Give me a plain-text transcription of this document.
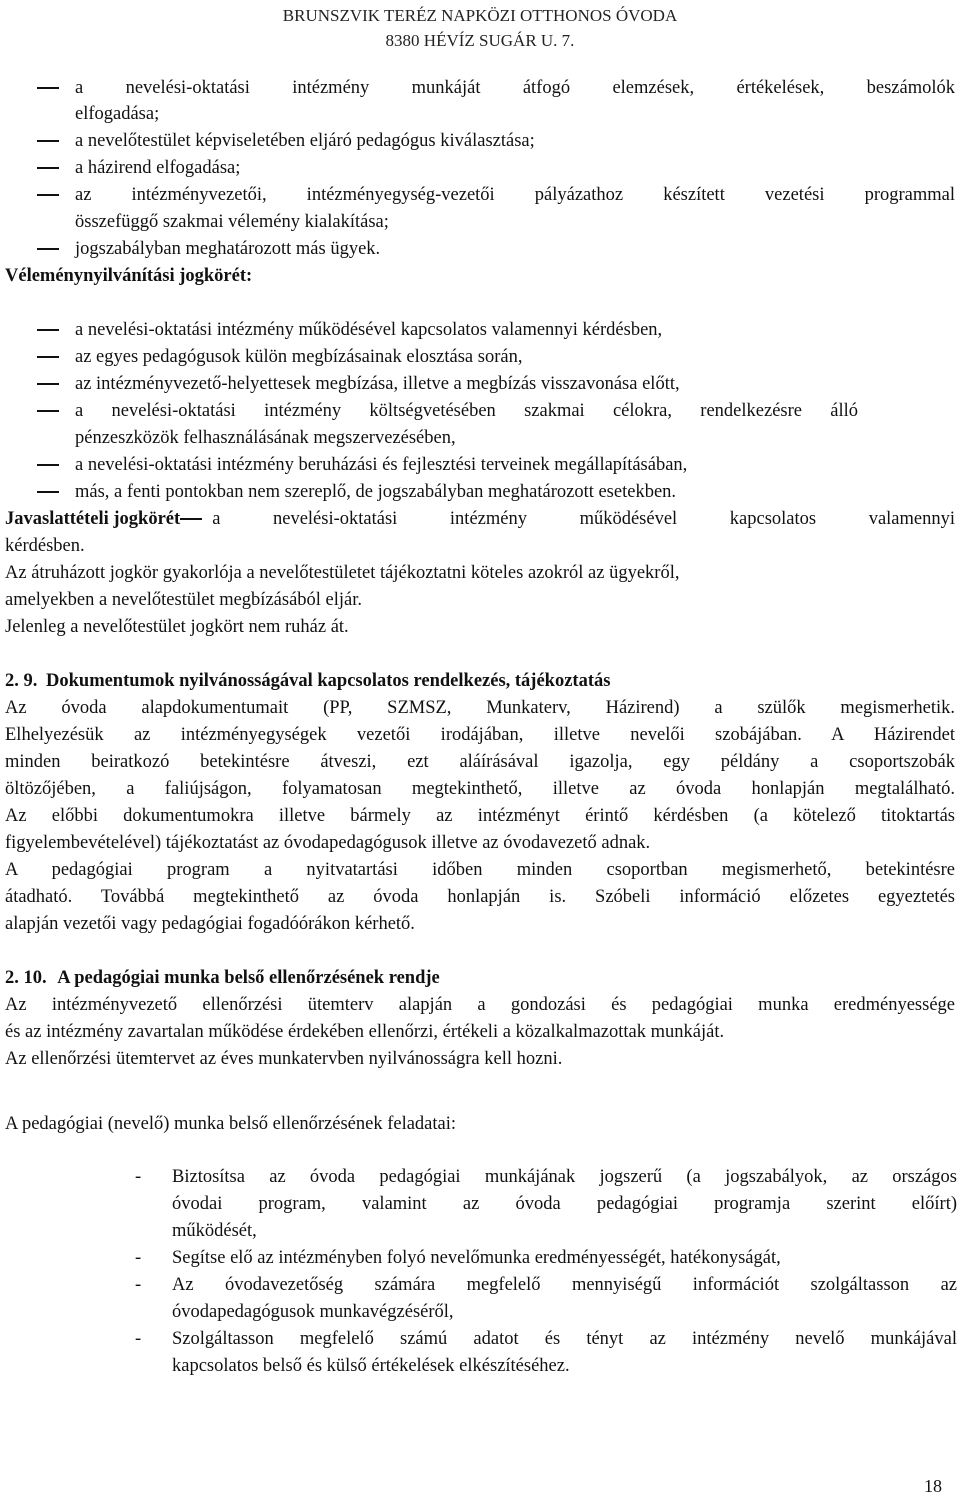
BRUNSZVIK TERÉZ NAPKÖZI OTTHONOS ÓVODA
8380 HÉVÍZ SUGÁR U. 7.
a nevelési-oktatási intézmény munkáját átfogó elemzések, értékelések, beszámolók
elfogadása;
a nevelőtestület képviseletében eljáró pedagógus kiválasztása;
a házirend elfogadása;
az intézményvezetői, intézményegység-vezetői pályázathoz készített vezetési programmal
összefüggő szakmai vélemény kialakítása;
jogszabályban meghatározott más ügyek.
Véleménynyilvánítási jogkörét:
a nevelési-oktatási intézmény működésével kapcsolatos valamennyi kérdésben,
az egyes pedagógusok külön megbízásainak elosztása során,
az intézményvezető-helyettesek megbízása, illetve a megbízás visszavonása előtt,
a nevelési-oktatási intézmény költségvetésében szakmai célokra, rendelkezésre álló
pénzeszközök felhasználásának megszervezésében,
a nevelési-oktatási intézmény beruházási és fejlesztési terveinek megállapításában,
más, a fenti pontokban nem szereplő, de jogszabályban meghatározott esetekben.
Javaslattételi jogkörét a nevelési-oktatási intézmény működésével kapcsolatos valamennyi
kérdésben.
Az átruházott jogkör gyakorlója a nevelőtestületet tájékoztatni köteles azokról az ügyekről,
amelyekben a nevelőtestület megbízásából eljár.
Jelenleg a nevelőtestület jogkört nem ruház át.
2. 9. Dokumentumok nyilvánosságával kapcsolatos rendelkezés, tájékoztatás
Az óvoda alapdokumentumait (PP, SZMSZ, Munkaterv, Házirend) a szülők megismerhetik.
Elhelyezésük az intézményegységek vezetői irodájában, illetve nevelői szobájában. A Házirendet
minden beiratkozó betekintésre átveszi, ezt aláírásával igazolja, egy példány a csoportszobák
öltözőjében, a faliújságon, folyamatosan megtekinthető, illetve az óvoda honlapján megtalálható.
Az előbbi dokumentumokra illetve bármely az intézményt érintő kérdésben (a kötelező titoktartás
figyelembevételével) tájékoztatást az óvodapedagógusok illetve az óvodavezető adnak.
A pedagógiai program a nyitvatartási időben minden csoportban megismerhető, betekintésre
átadható. Továbbá megtekinthető az óvoda honlapján is. Szóbeli információ előzetes egyeztetés
alapján vezetői vagy pedagógiai fogadóórákon kérhető.
2. 10. A pedagógiai munka belső ellenőrzésének rendje
Az intézményvezető ellenőrzési ütemterv alapján a gondozási és pedagógiai munka eredményessége
és az intézmény zavartalan működése érdekében ellenőrzi, értékeli a közalkalmazottak munkáját.
Az ellenőrzési ütemtervet az éves munkatervben nyilvánosságra kell hozni.
A pedagógiai (nevelő) munka belső ellenőrzésének feladatai:
- Biztosítsa az óvoda pedagógiai munkájának jogszerű (a jogszabályok, az országos
óvodai program, valamint az óvoda pedagógiai programja szerint előírt)
működését,
- Segítse elő az intézményben folyó nevelőmunka eredményességét, hatékonyságát,
- Az óvodavezetőség számára megfelelő mennyiségű információt szolgáltasson az
óvodapedagógusok munkavégzéséről,
- Szolgáltasson megfelelő számú adatot és tényt az intézmény nevelő munkájával
kapcsolatos belső és külső értékelések elkészítéséhez.
18
